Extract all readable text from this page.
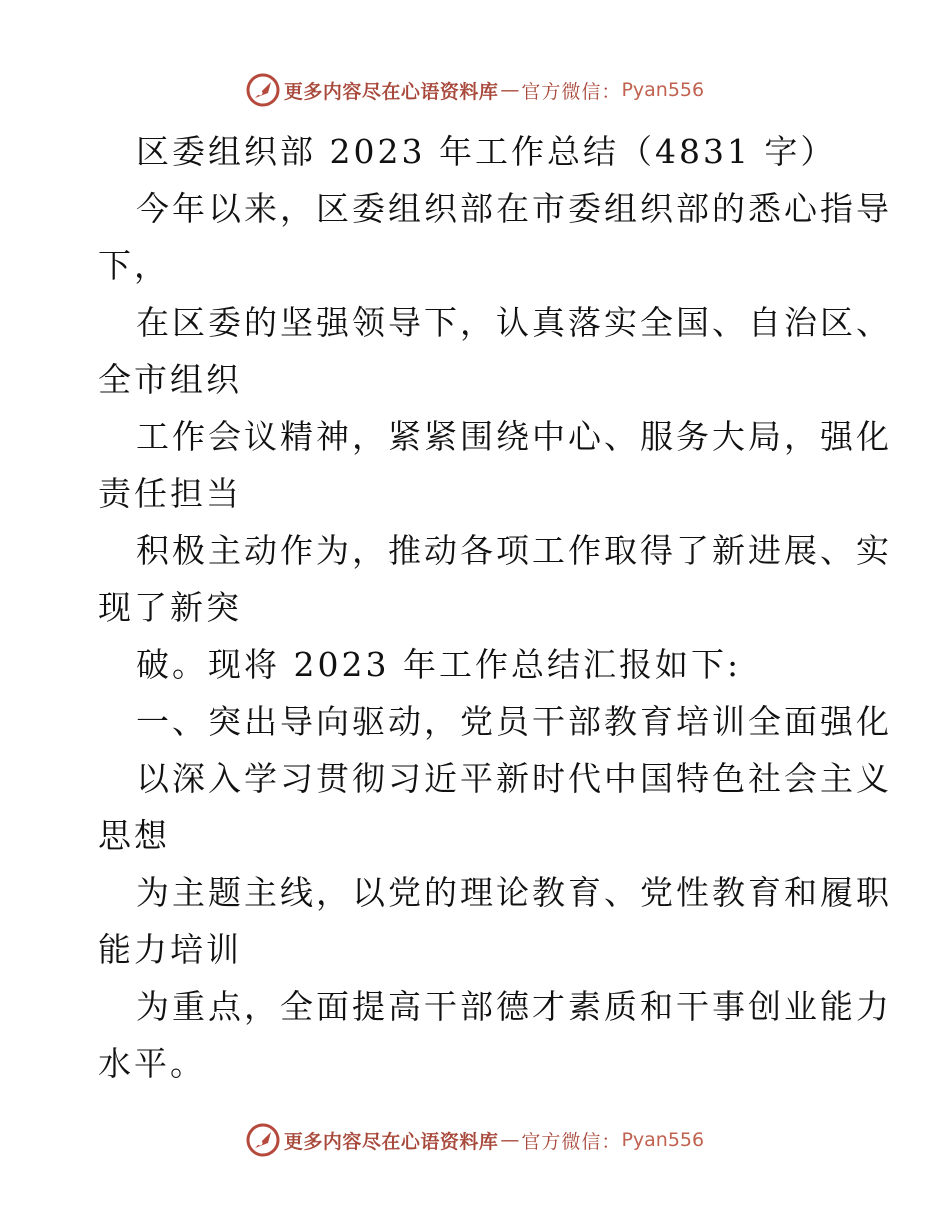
更多内容尽在心语资料库 — 官方微信： Pyan556
区委组织部 2023 年工作总结（4831 字）
今年以来，区委组织部在市委组织部的悉心指导
下，
在区委的坚强领导下，认真落实全国、自治区、
全市组织
工作会议精神，紧紧围绕中心、服务大局，强化
责任担当
积极主动作为，推动各项工作取得了新进展、实
现了新突
破。现将 2023 年工作总结汇报如下:
一、突出导向驱动，党员干部教育培训全面强化
以深入学习贯彻习近平新时代中国特色社会主义
思想
为主题主线，以党的理论教育、党性教育和履职
能力培训
为重点，全面提高干部德才素质和干事创业能力
水平。
更多内容尽在心语资料库 — 官方微信： Pyan556
